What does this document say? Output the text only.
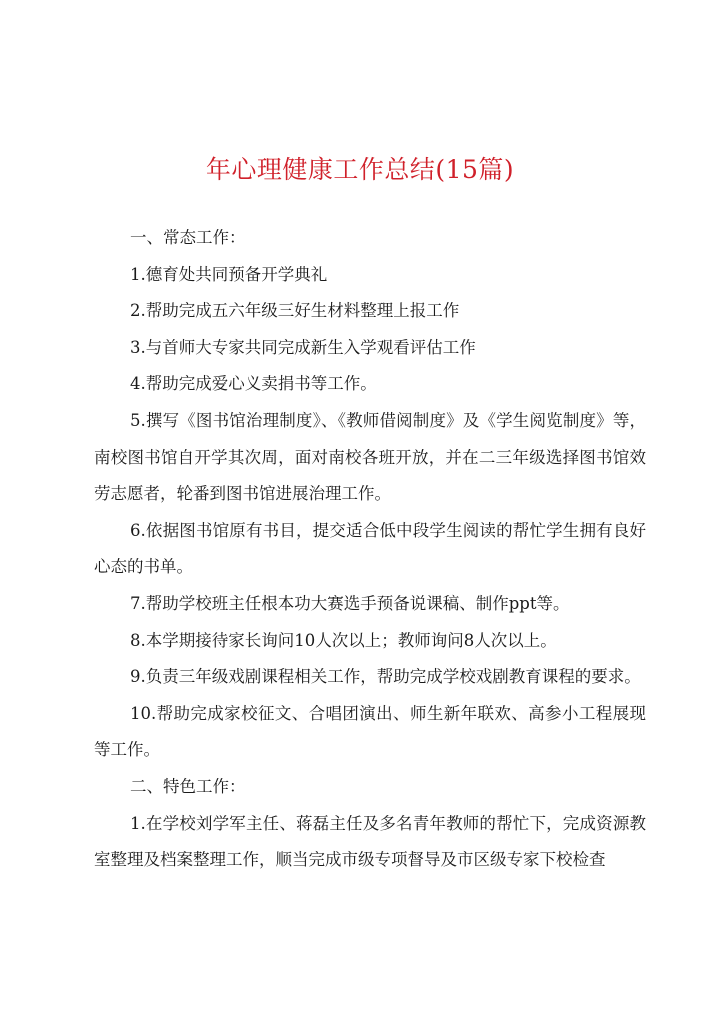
年心理健康工作总结(15篇)

一、常态工作：

1.德育处共同预备开学典礼

2.帮助完成五六年级三好生材料整理上报工作

3.与首师大专家共同完成新生入学观看评估工作

4.帮助完成爱心义卖捐书等工作。

5.撰写《图书馆治理制度》、《教师借阅制度》及《学生阅览制度》等，南校图书馆自开学其次周，面对南校各班开放，并在二三年级选择图书馆效劳志愿者，轮番到图书馆进展治理工作。

6.依据图书馆原有书目，提交适合低中段学生阅读的帮忙学生拥有良好心态的书单。

7.帮助学校班主任根本功大赛选手预备说课稿、制作ppt等。

8.本学期接待家长询问10人次以上；教师询问8人次以上。

9.负责三年级戏剧课程相关工作，帮助完成学校戏剧教育课程的要求。

10.帮助完成家校征文、合唱团演出、师生新年联欢、高参小工程展现等工作。

二、特色工作：

1.在学校刘学军主任、蒋磊主任及多名青年教师的帮忙下，完成资源教室整理及档案整理工作，顺当完成市级专项督导及市区级专家下校检查
